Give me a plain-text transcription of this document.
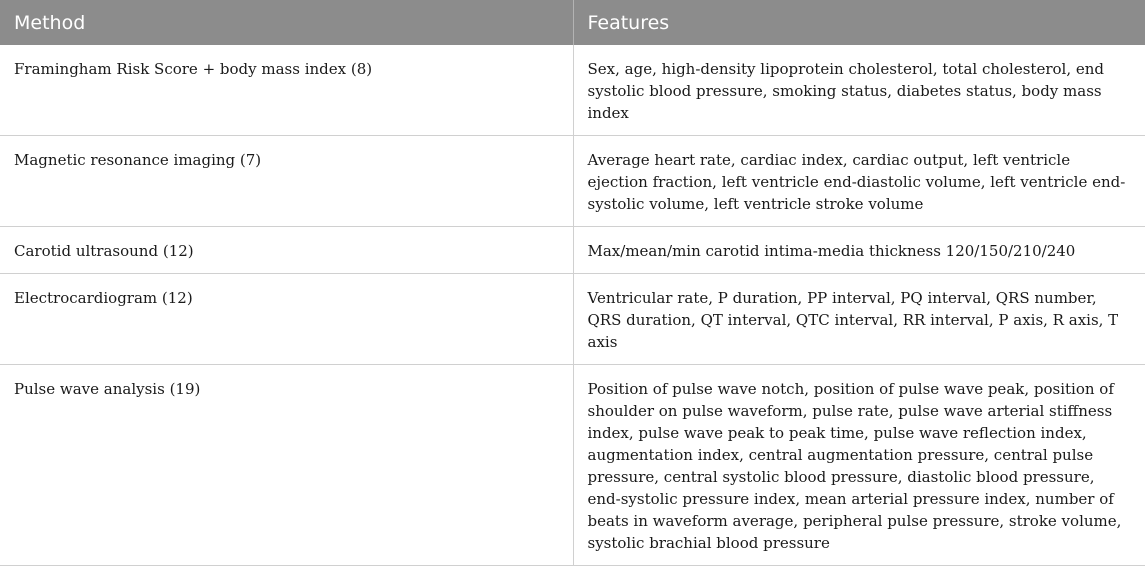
Method	Features
Framingham Risk Score + body mass index (8)	Sex, age, high-density lipoprotein cholesterol, total cholesterol, end systolic blood pressure, smoking status, diabetes status, body mass index
Magnetic resonance imaging (7)	Average heart rate, cardiac index, cardiac output, left ventricle ejection fraction, left ventricle end-diastolic volume, left ventricle end-systolic volume, left ventricle stroke volume
Carotid ultrasound (12)	Max/mean/min carotid intima-media thickness 120/150/210/240
Electrocardiogram (12)	Ventricular rate, P duration, PP interval, PQ interval, QRS number, QRS duration, QT interval, QTC interval, RR interval, P axis, R axis, T axis
Pulse wave analysis (19)	Position of pulse wave notch, position of pulse wave peak, position of shoulder on pulse waveform, pulse rate, pulse wave arterial stiffness index, pulse wave peak to peak time, pulse wave reflection index, augmentation index, central augmentation pressure, central pulse pressure, central systolic blood pressure, diastolic blood pressure, end-systolic pressure index, mean arterial pressure index, number of beats in waveform average, peripheral pulse pressure, stroke volume, systolic brachial blood pressure
